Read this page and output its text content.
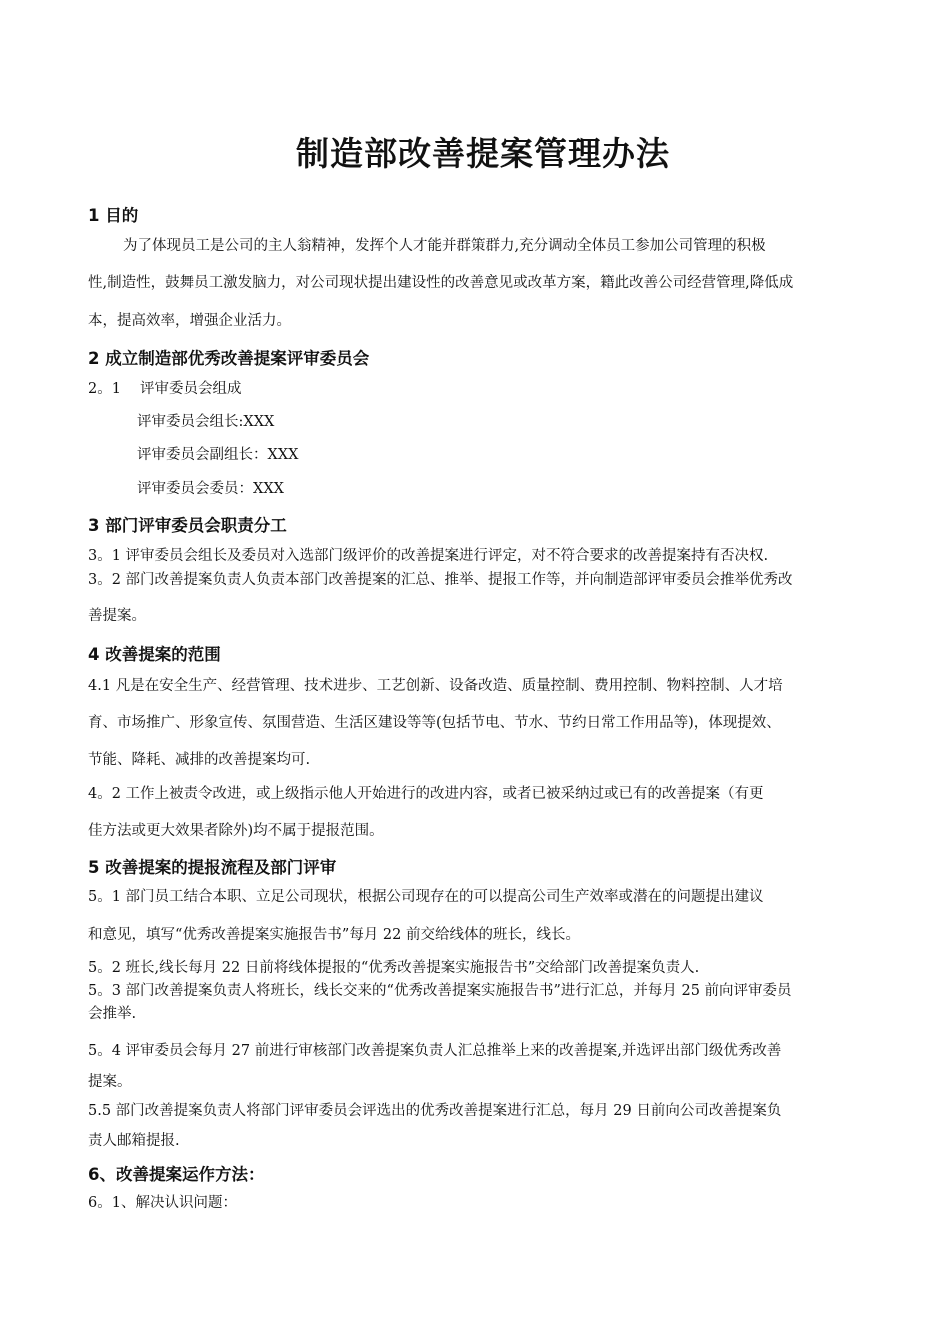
制造部改善提案管理办法
1 目的
为了体现员工是公司的主人翁精神，发挥个人才能并群策群力,充分调动全体员工参加公司管理的积极
性,制造性，鼓舞员工激发脑力，对公司现状提出建设性的改善意见或改革方案，籍此改善公司经营管理,降低成
本，提高效率，增强企业活力。
2 成立制造部优秀改善提案评审委员会
2。1　 评审委员会组成
评审委员会组长:XXX
评审委员会副组长：XXX
评审委员会委员：XXX
3 部门评审委员会职责分工
3。1 评审委员会组长及委员对入选部门级评价的改善提案进行评定，对不符合要求的改善提案持有否决权.
3。2 部门改善提案负责人负责本部门改善提案的汇总、推举、提报工作等，并向制造部评审委员会推举优秀改
善提案。
4 改善提案的范围
4.1 凡是在安全生产、经营管理、技术进步、工艺创新、设备改造、质量控制、费用控制、物料控制、人才培
育、市场推广、形象宣传、氛围营造、生活区建设等等(包括节电、节水、节约日常工作用品等)，体现提效、
节能、降耗、减排的改善提案均可.
4。2 工作上被责令改进，或上级指示他人开始进行的改进内容，或者已被采纳过或已有的改善提案（有更
佳方法或更大效果者除外)均不属于提报范围。
5 改善提案的提报流程及部门评审
5。1 部门员工结合本职、立足公司现状，根据公司现存在的可以提高公司生产效率或潜在的问题提出建议
和意见，填写“优秀改善提案实施报告书”每月 22 前交给线体的班长，线长。
5。2 班长,线长每月 22 日前将线体提报的“优秀改善提案实施报告书”交给部门改善提案负责人.
5。3 部门改善提案负责人将班长，线长交来的“优秀改善提案实施报告书”进行汇总，并每月 25 前向评审委员
会推举.
5。4 评审委员会每月 27 前进行审核部门改善提案负责人汇总推举上来的改善提案,并选评出部门级优秀改善
提案。
5.5 部门改善提案负责人将部门评审委员会评选出的优秀改善提案进行汇总，每月 29 日前向公司改善提案负
责人邮箱提报.
6、改善提案运作方法：
6。1、解决认识问题：
